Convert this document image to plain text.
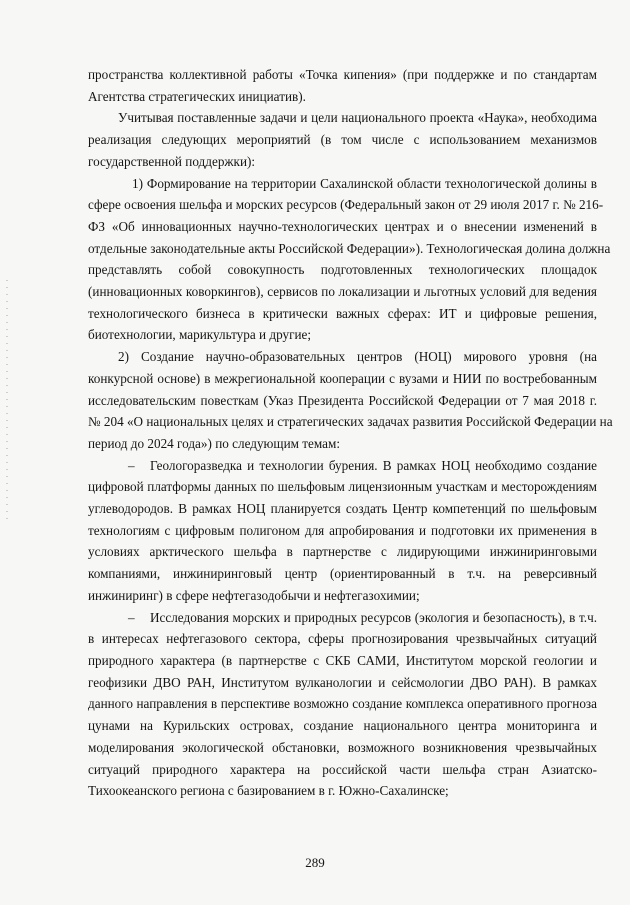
пространства коллективной работы «Точка кипения» (при поддержке и по стандартам
Агентства стратегических инициатив).
Учитывая поставленные задачи и цели национального проекта «Наука», необходима
реализация следующих мероприятий (в том числе с использованием механизмов
государственной поддержки):
1) Формирование на территории Сахалинской области технологической долины в
сфере освоения шельфа и морских ресурсов (Федеральный закон от 29 июля 2017 г. № 216-
ФЗ «Об инновационных научно-технологических центрах и о внесении изменений в
отдельные законодательные акты Российской Федерации»). Технологическая долина должна
представлять собой совокупность подготовленных технологических площадок
(инновационных коворкингов), сервисов по локализации и льготных условий для ведения
технологического бизнеса в критически важных сферах: ИТ и цифровые решения,
биотехнологии, марикультура и другие;
2) Создание научно-образовательных центров (НОЦ) мирового уровня (на
конкурсной основе) в межрегиональной кооперации с вузами и НИИ по востребованным
исследовательским повесткам (Указ Президента Российской Федерации от 7 мая 2018 г.
№ 204 «О национальных целях и стратегических задачах развития Российской Федерации на
период до 2024 года») по следующим темам:
– Геологоразведка и технологии бурения. В рамках НОЦ необходимо создание
цифровой платформы данных по шельфовым лицензионным участкам и месторождениям
углеводородов. В рамках НОЦ планируется создать Центр компетенций по шельфовым
технологиям с цифровым полигоном для апробирования и подготовки их применения в
условиях арктического шельфа в партнерстве с лидирующими инжиниринговыми
компаниями, инжиниринговый центр (ориентированный в т.ч. на реверсивный
инжиниринг) в сфере нефтегазодобычи и нефтегазохимии;
– Исследования морских и природных ресурсов (экология и безопасность), в т.ч.
в интересах нефтегазового сектора, сферы прогнозирования чрезвычайных ситуаций
природного характера (в партнерстве с СКБ САМИ, Институтом морской геологии и
геофизики ДВО РАН, Институтом вулканологии и сейсмологии ДВО РАН). В рамках
данного направления в перспективе возможно создание комплекса оперативного прогноза
цунами на Курильских островах, создание национального центра мониторинга и
моделирования экологической обстановки, возможного возникновения чрезвычайных
ситуаций природного характера на российской части шельфа стран Азиатско-
Тихоокеанского региона с базированием в г. Южно-Сахалинске;
289
